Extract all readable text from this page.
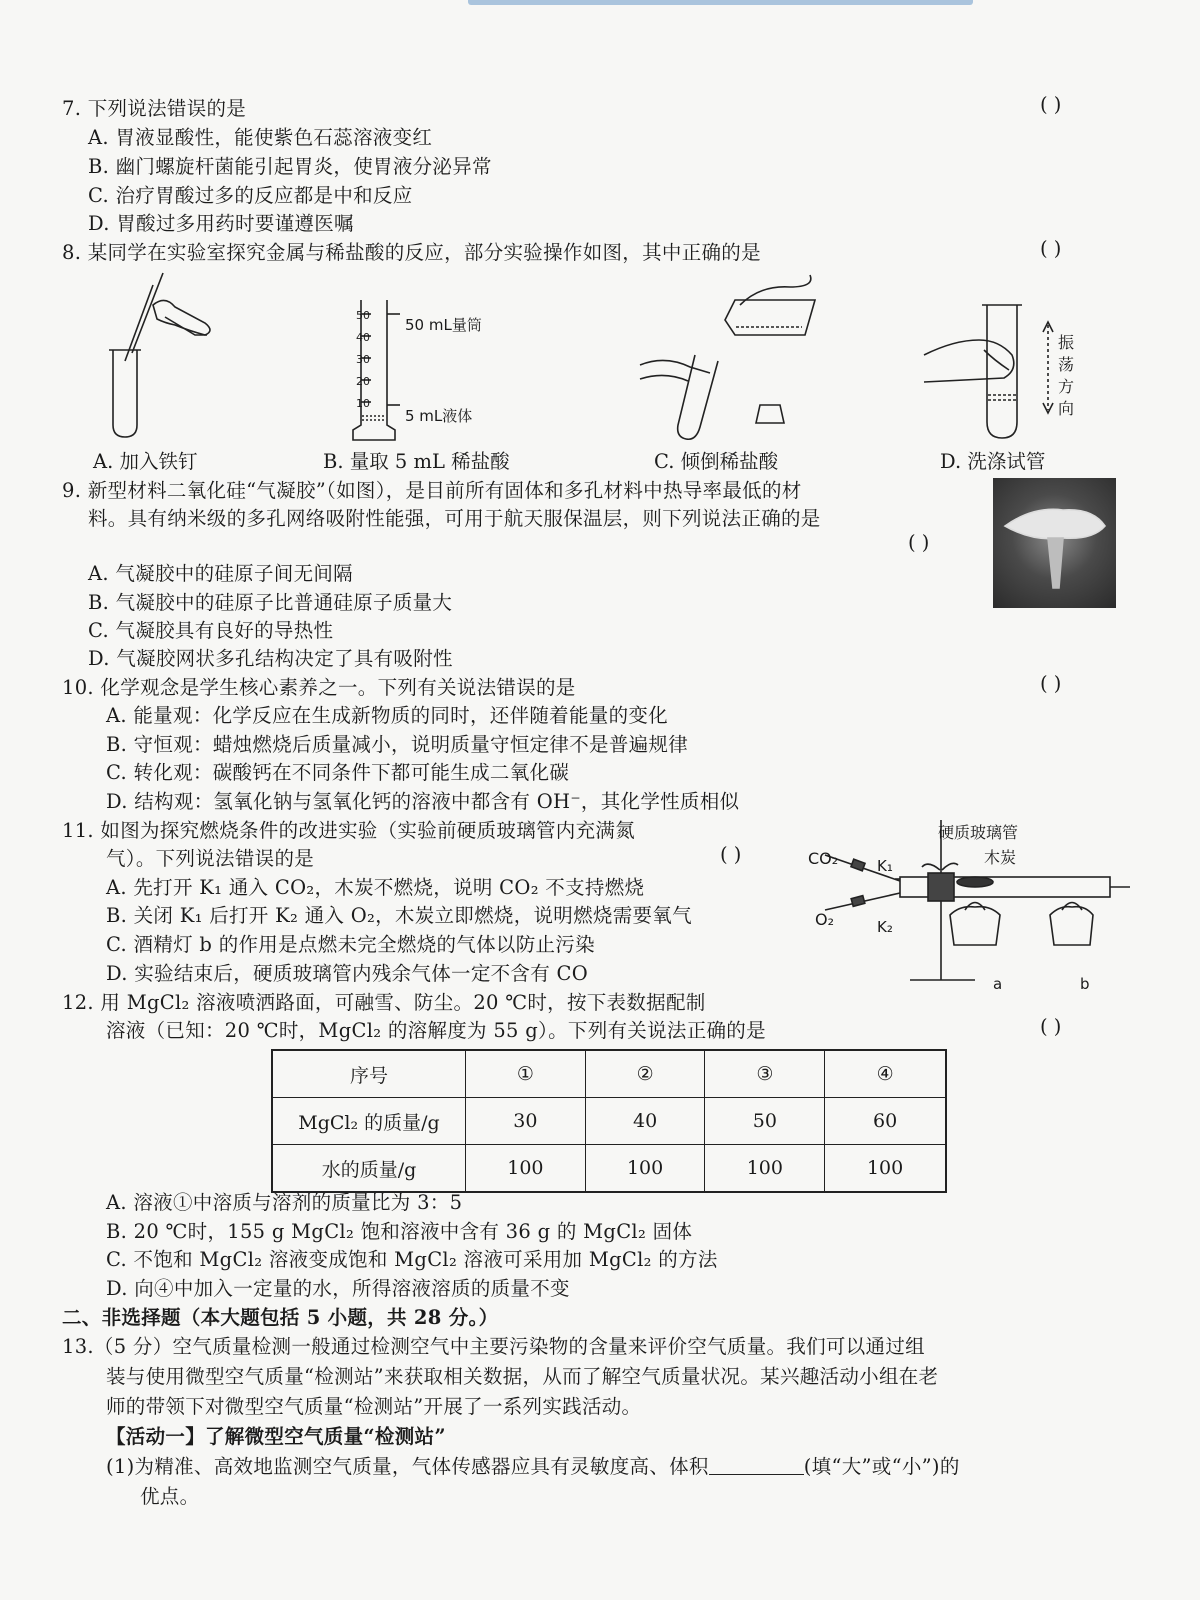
7. 下列说法错误的是	( )
A. 胃液显酸性，能使紫色石蕊溶液变红
B. 幽门螺旋杆菌能引起胃炎，使胃液分泌异常
C. 治疗胃酸过多的反应都是中和反应
D. 胃酸过多用药时要谨遵医嘱
8. 某同学在实验室探究金属与稀盐酸的反应，部分实验操作如图，其中正确的是	( )
50
40
30
20
10
50 mL量筒
5 mL液体
振
荡
方
向
A. 加入铁钉	B. 量取 5 mL 稀盐酸	C. 倾倒稀盐酸	D. 洗涤试管
9. 新型材料二氧化硅“气凝胶”（如图），是目前所有固体和多孔材料中热导率最低的材
料。具有纳米级的多孔网络吸附性能强，可用于航天服保温层，则下列说法正确的是
( )
A. 气凝胶中的硅原子间无间隔
B. 气凝胶中的硅原子比普通硅原子质量大
C. 气凝胶具有良好的导热性
D. 气凝胶网状多孔结构决定了具有吸附性
10. 化学观念是学生核心素养之一。下列有关说法错误的是	( )
A. 能量观：化学反应在生成新物质的同时，还伴随着能量的变化
B. 守恒观：蜡烛燃烧后质量减小，说明质量守恒定律不是普遍规律
C. 转化观：碳酸钙在不同条件下都可能生成二氧化碳
D. 结构观：氢氧化钠与氢氧化钙的溶液中都含有 OH⁻，其化学性质相似
11. 如图为探究燃烧条件的改进实验（实验前硬质玻璃管内充满氮
气）。下列说法错误的是	( )
A. 先打开 K₁ 通入 CO₂，木炭不燃烧，说明 CO₂ 不支持燃烧
B. 关闭 K₁ 后打开 K₂ 通入 O₂，木炭立即燃烧，说明燃烧需要氧气
C. 酒精灯 b 的作用是点燃未完全燃烧的气体以防止污染
D. 实验结束后，硬质玻璃管内残余气体一定不含有 CO
硬质玻璃管
木炭
CO₂	K₁
O₂	K₂
a	b
12. 用 MgCl₂ 溶液喷洒路面，可融雪、防尘。20 ℃时，按下表数据配制
溶液（已知：20 ℃时，MgCl₂ 的溶解度为 55 g）。下列有关说法正确的是	( )
序号	①	②	③	④
MgCl₂ 的质量/g	30	40	50	60
水的质量/g	100	100	100	100
A. 溶液①中溶质与溶剂的质量比为 3：5
B. 20 ℃时，155 g MgCl₂ 饱和溶液中含有 36 g 的 MgCl₂ 固体
C. 不饱和 MgCl₂ 溶液变成饱和 MgCl₂ 溶液可采用加 MgCl₂ 的方法
D. 向④中加入一定量的水，所得溶液溶质的质量不变
二、非选择题（本大题包括 5 小题，共 28 分。）
13.（5 分）空气质量检测一般通过检测空气中主要污染物的含量来评价空气质量。我们可以通过组
装与使用微型空气质量“检测站”来获取相关数据，从而了解空气质量状况。某兴趣活动小组在老
师的带领下对微型空气质量“检测站”开展了一系列实践活动。
【活动一】了解微型空气质量“检测站”
(1)为精准、高效地监测空气质量，气体传感器应具有灵敏度高、体积	(填“大”或“小”)的
优点。
